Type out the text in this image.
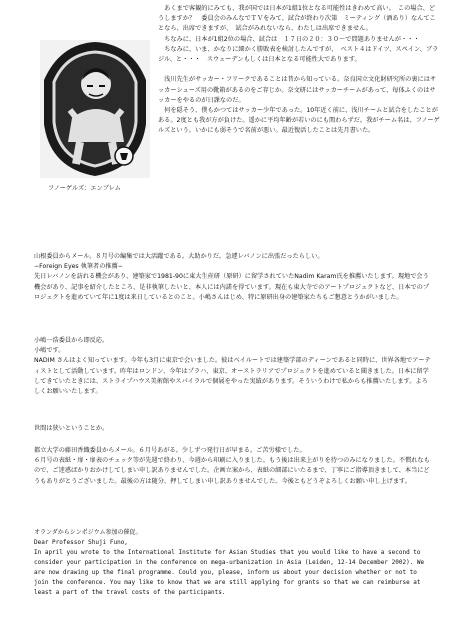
フノーゲルズ：エンブレム

　あくまで客観的にみても、我が国では日本が1組1位となる可能性はきわめて高い。　この場合、どうしますか？　委員会のみんなでＴＶをみて、試合が終わり次第　ミーティング（酒あり）なんてことなら、出席できますが、　試合がみれないなら、わたしは出席できません。
　ちなみに、日本が1組2位の場合、試合は　１７日の２０：３０〜で問題ありませんが・・・
　ちなみに、いま、かなりに細かく勝敗表を検討したんですが、　ベスト４はドイツ、スペイン、ブラジル、と・・・　スウェーデンもしくは日本となる可能性大であります。

　浅川先生がサッカー・フリークであることは昔から知っている。奈良国立文化財研究所の裏にはサッカーシューズ用の靴箱があるのをご存じか。奈文研にはサッカーチームがあって、毎体ふくのはサッカーをやるのが日課なのだ。
　何を隠そう、僕もかつてはサッカー少年であった。10年近く前に、浅川チームと試合をしたことがある。2度とも我が方が負けた。遥かに平均年齢が若いのにも関わらずだ。我がチーム名は、フノーゲルズという。いかにも弱そうで名前が悪い。最近復活したことは先月書いた。

山根委員からメール。８月号の編集では大活躍である。大助かりだ。急遽レバノンに出張だったらしい。
−Foreign Eyes 執筆者の推薦−
先日レバノンを訪れる機会があり、建築家で1981-90に東大生産研（原研）に留学されていたNadim Karam氏を推薦いたします。現地で会う機会があり、記事を紹介したところ、是非執筆したいと、本人には内諾を得ています。現在も東大寺でのアートプロジェクトなど、日本でのプロジェクトを進めていて年に1度は来日しているとのこと。小嶋さんはじめ、特に原研出身の建築家たちもご懇意とうかがいました。

小嶋一浩委員から即反応。
小嶋です。
NADIM さんはよく知っています。今年も3月に東京で会いました。彼はベイルートでは建築学部のディーンであると同時に、世界各地でアーティストとして活動しています。昨年はロンドン、今年はプラハ、東京、オーストラリアでプロジェクトを進めていると聞きました。日本に留学してきていたときには、ストライプハウス美術館やスパイラルで個展をやった実績があります。そういうわけで私からも推薦いたします。よろしくお願いいたします。

世間は狭いということか。

都立大学の藤田香織委員からメール。６月号あがる。少しずつ発行日が早まる。ご苦労様でした。
６月号の表紙・扉・扉表のチェック等が先週で終わり、今週から印刷に入りました。もう後は出来上がりを待つのみになりました。不慣れなもので、ご迷惑ばかりおかけしてしまい申し訳ありませんでした。企画立案から、表紙の細部にいたるまで、丁寧にご指導頂きまして、本当にどうもありがとうございました。最後の方は随分、押してしまい申し訳ありませんでした。今後ともどうぞよろしくお願い申し上げます。

オランダからシンポジウム参加の催促。
Dear Professor Shuji Funo,
In april you wrote to the International Institute for Asian Studies that you would like to have a second to consider your participation in the conference on mega-urbanization in Asia (Leiden, 12-14 December 2002). We are now drawing up the final programme. Could you, please, inform us about your decision whether or not to join the conference. You may like to know that we are still applying for grants so that we can reimburse at least a part of the travel costs of the participants.
